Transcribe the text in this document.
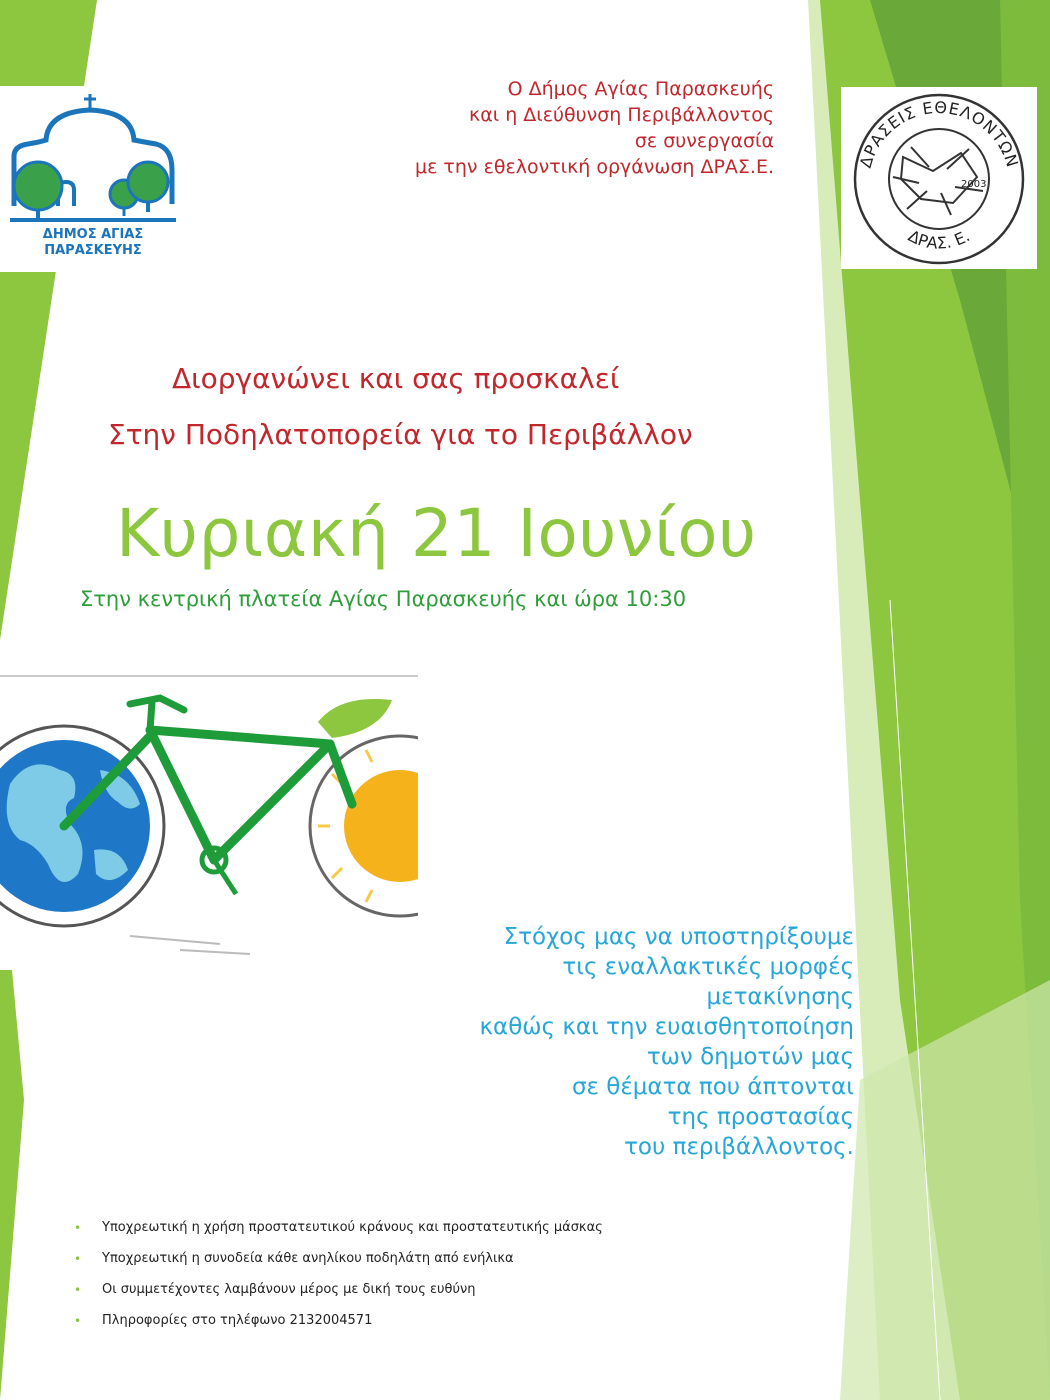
ΔΗΜΟΣ ΑΓΙΑΣ
ΠΑΡΑΣΚΕΥΗΣ
Ο Δήμος Αγίας Παρασκευής
και η Διεύθυνση Περιβάλλοντος
σε συνεργασία
με την εθελοντική οργάνωση ΔΡΑΣ.Ε.	ΔΡΑΣΕΙΣ ΕΘΕΛΟΝΤΩΝ
ΔΡΑΣ. Ε.
2003
Διοργανώνει και σας προσκαλεί
Στην Ποδηλατοπορεία για το Περιβάλλον
Κυριακή 21 Ιουνίου
Στην κεντρική πλατεία Αγίας Παρασκευής και ώρα 10:30
Στόχος μας να υποστηρίξουμε
τις εναλλακτικές μορφές
μετακίνησης
καθώς και την ευαισθητοποίηση
των δημοτών μας
σε θέματα που άπτονται
της προστασίας
του περιβάλλοντος.
• Υποχρεωτική η χρήση προστατευτικού κράνους και προστατευτικής μάσκας
• Υποχρεωτική η συνοδεία κάθε ανηλίκου ποδηλάτη από ενήλικα
• Οι συμμετέχοντες λαμβάνουν μέρος με δική τους ευθύνη
• Πληροφορίες στο τηλέφωνο 2132004571
